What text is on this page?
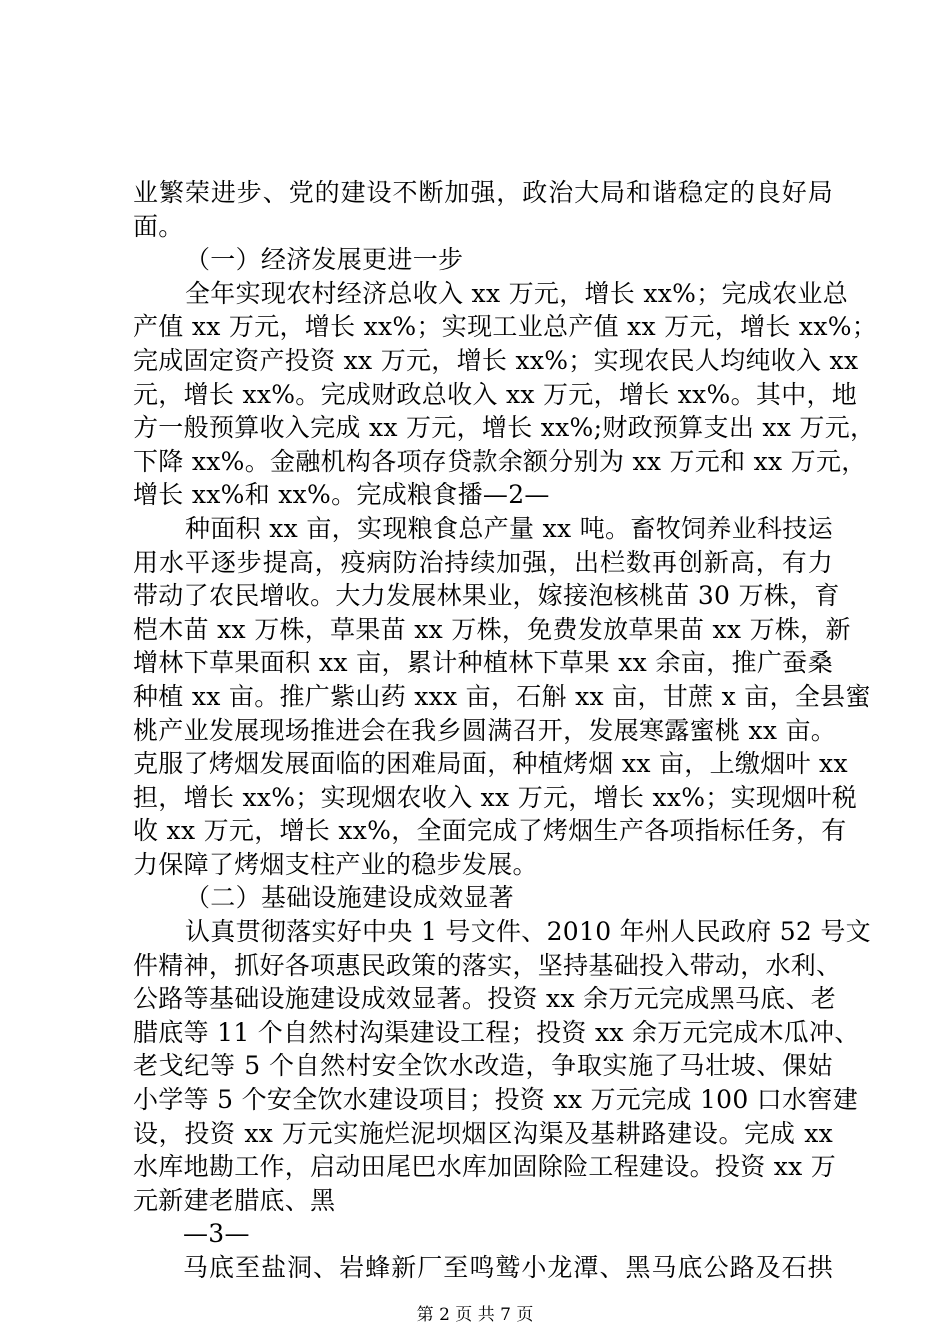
业繁荣进步、党的建设不断加强，政治大局和谐稳定的良好局
面。
（一）经济发展更进一步
全年实现农村经济总收入 xx 万元，增长 xx%；完成农业总
产值 xx 万元，增长 xx%；实现工业总产值 xx 万元，增长 xx%；
完成固定资产投资 xx 万元，增长 xx%；实现农民人均纯收入 xx
元，增长 xx%。完成财政总收入 xx 万元，增长 xx%。其中，地
方一般预算收入完成 xx 万元，增长 xx%;财政预算支出 xx 万元，
下降 xx%。金融机构各项存贷款余额分别为 xx 万元和 xx 万元，
增长 xx%和 xx%。完成粮食播—2—
种面积 xx 亩，实现粮食总产量 xx 吨。畜牧饲养业科技运
用水平逐步提高，疫病防治持续加强，出栏数再创新高，有力
带动了农民增收。大力发展林果业，嫁接泡核桃苗 30 万株，育
桤木苗 xx 万株，草果苗 xx 万株，免费发放草果苗 xx 万株，新
增林下草果面积 xx 亩，累计种植林下草果 xx 余亩，推广蚕桑
种植 xx 亩。推广紫山药 xxx 亩，石斛 xx 亩，甘蔗 x 亩，全县蜜
桃产业发展现场推进会在我乡圆满召开，发展寒露蜜桃 xx 亩。
克服了烤烟发展面临的困难局面，种植烤烟 xx 亩，上缴烟叶 xx
担，增长 xx%；实现烟农收入 xx 万元，增长 xx%；实现烟叶税
收 xx 万元，增长 xx%，全面完成了烤烟生产各项指标任务，有
力保障了烤烟支柱产业的稳步发展。
（二）基础设施建设成效显著
认真贯彻落实好中央 1 号文件、2010 年州人民政府 52 号文
件精神，抓好各项惠民政策的落实，坚持基础投入带动，水利、
公路等基础设施建设成效显著。投资 xx 余万元完成黑马底、老
腊底等 11 个自然村沟渠建设工程；投资 xx 余万元完成木瓜冲、
老戈纪等 5 个自然村安全饮水改造，争取实施了马壮坡、倮姑
小学等 5 个安全饮水建设项目；投资 xx 万元完成 100 口水窖建
设，投资 xx 万元实施烂泥坝烟区沟渠及基耕路建设。完成 xx
水库地勘工作，启动田尾巴水库加固除险工程建设。投资 xx 万
元新建老腊底、黑
—3—
马底至盐洞、岩蜂新厂至鸣鹫小龙潭、黑马底公路及石拱
第 2 页 共 7 页
